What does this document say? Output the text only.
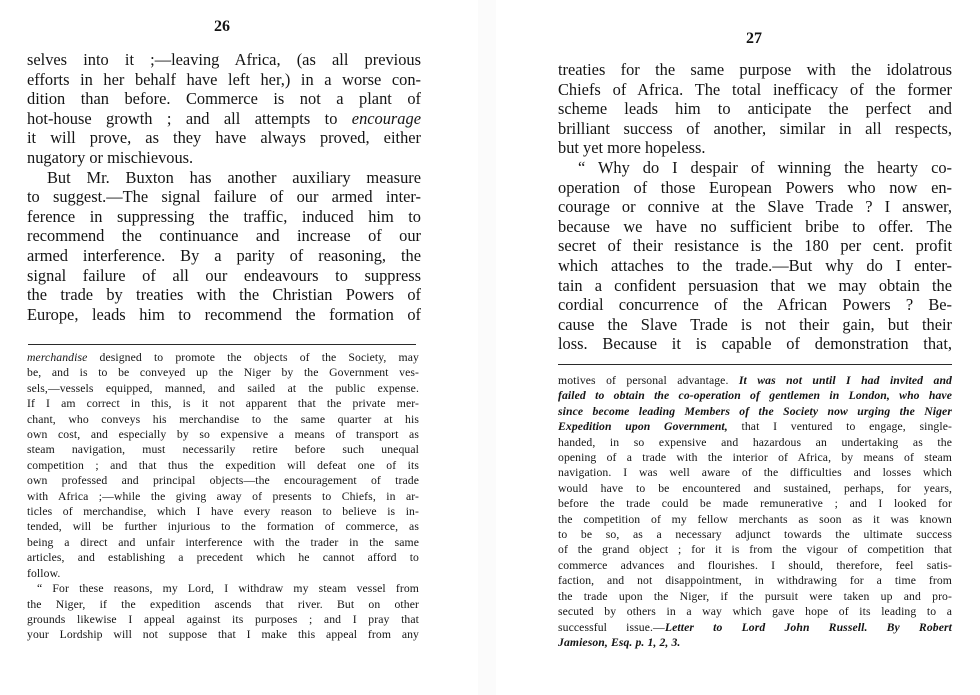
26
selves into it ;—leaving Africa, (as all previous
efforts in her behalf have left her,) in a worse con-
dition than before. Commerce is not a plant of
hot-house growth ; and all attempts to encourage
it will prove, as they have always proved, either
nugatory or mischievous.
But Mr. Buxton has another auxiliary measure
to suggest.—The signal failure of our armed inter-
ference in suppressing the traffic, induced him to
recommend the continuance and increase of our
armed interference. By a parity of reasoning, the
signal failure of all our endeavours to suppress
the trade by treaties with the Christian Powers of
Europe, leads him to recommend the formation of
merchandise designed to promote the objects of the Society, may
be, and is to be conveyed up the Niger by the Government ves-
sels,—vessels equipped, manned, and sailed at the public expense.
If I am correct in this, is it not apparent that the private mer-
chant, who conveys his merchandise to the same quarter at his
own cost, and especially by so expensive a means of transport as
steam navigation, must necessarily retire before such unequal
competition ; and that thus the expedition will defeat one of its
own professed and principal objects—the encouragement of trade
with Africa ;—while the giving away of presents to Chiefs, in ar-
ticles of merchandise, which I have every reason to believe is in-
tended, will be further injurious to the formation of commerce, as
being a direct and unfair interference with the trader in the same
articles, and establishing a precedent which he cannot afford to
follow.
“ For these reasons, my Lord, I withdraw my steam vessel from
the Niger, if the expedition ascends that river. But on other
grounds likewise I appeal against its purposes ; and I pray that
your Lordship will not suppose that I make this appeal from any
27
treaties for the same purpose with the idolatrous
Chiefs of Africa. The total inefficacy of the former
scheme leads him to anticipate the perfect and
brilliant success of another, similar in all respects,
but yet more hopeless.
“ Why do I despair of winning the hearty co-
operation of those European Powers who now en-
courage or connive at the Slave Trade ? I answer,
because we have no sufficient bribe to offer. The
secret of their resistance is the 180 per cent. profit
which attaches to the trade.—But why do I enter-
tain a confident persuasion that we may obtain the
cordial concurrence of the African Powers ? Be-
cause the Slave Trade is not their gain, but their
loss. Because it is capable of demonstration that,
motives of personal advantage. It was not until I had invited and
failed to obtain the co-operation of gentlemen in London, who have
since become leading Members of the Society now urging the Niger
Expedition upon Government, that I ventured to engage, single-
handed, in so expensive and hazardous an undertaking as the
opening of a trade with the interior of Africa, by means of steam
navigation. I was well aware of the difficulties and losses which
would have to be encountered and sustained, perhaps, for years,
before the trade could be made remunerative ; and I looked for
the competition of my fellow merchants as soon as it was known
to be so, as a necessary adjunct towards the ultimate success
of the grand object ; for it is from the vigour of competition that
commerce advances and flourishes. I should, therefore, feel satis-
faction, and not disappointment, in withdrawing for a time from
the trade upon the Niger, if the pursuit were taken up and pro-
secuted by others in a way which gave hope of its leading to a
successful issue.—Letter to Lord John Russell. By Robert
Jamieson, Esq. p. 1, 2, 3.
